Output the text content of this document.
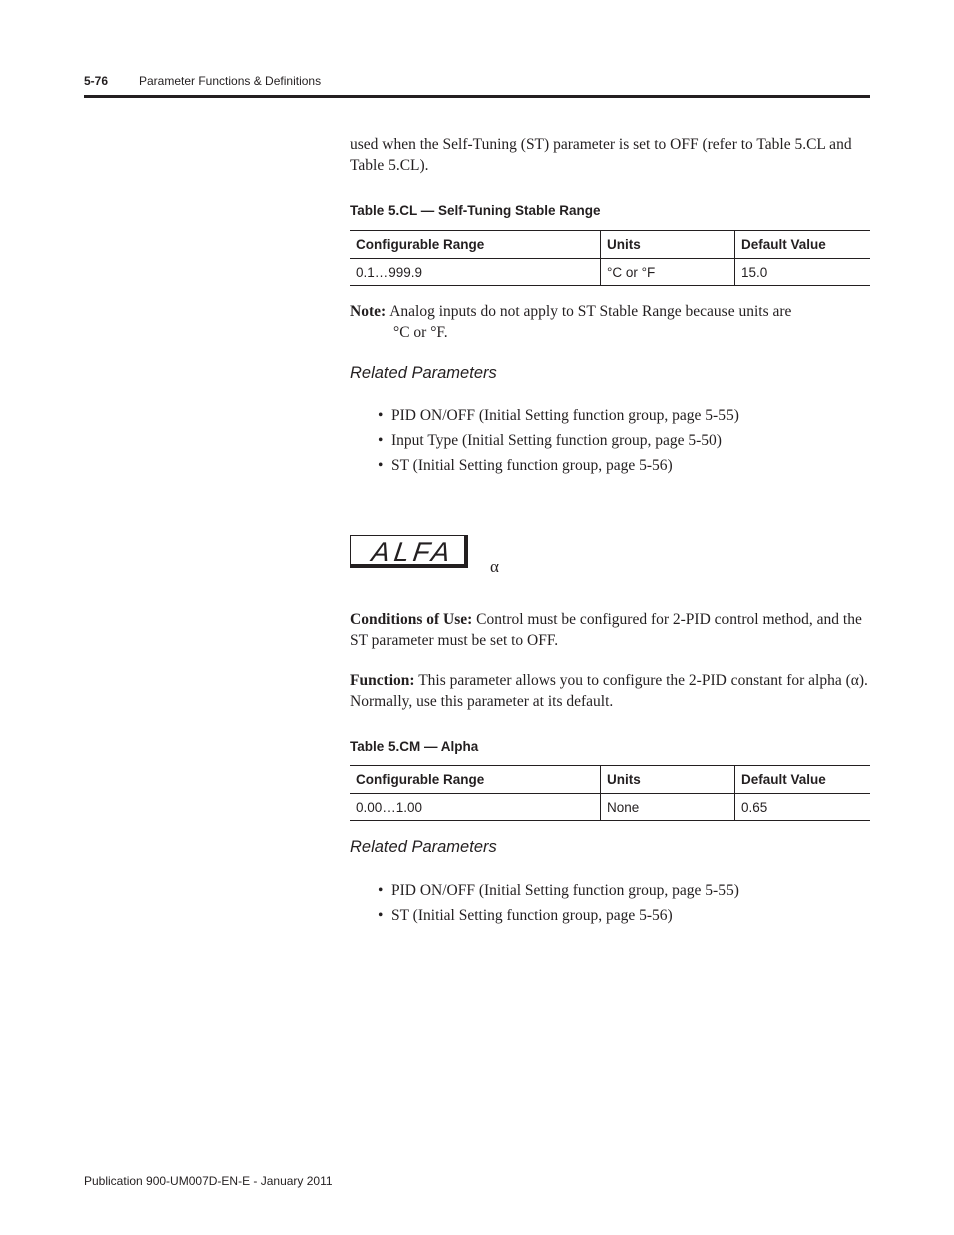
5-76	Parameter Functions & Definitions
used when the Self-Tuning (ST) parameter is set to OFF (refer to Table 5.CL and Table 5.CL).
Table 5.CL — Self-Tuning Stable Range
Configurable Range	Units	Default Value
0.1…999.9	°C or °F	15.0
Note: Analog inputs do not apply to ST Stable Range because units are
°C or °F.
Related Parameters
• PID ON/OFF (Initial Setting function group, page 5-55)
• Input Type (Initial Setting function group, page 5-50)
• ST (Initial Setting function group, page 5-56)
ALFA α
Conditions of Use: Control must be configured for 2-PID control method, and the ST parameter must be set to OFF.
Function: This parameter allows you to configure the 2-PID constant for alpha (α). Normally, use this parameter at its default.
Table 5.CM — Alpha
Configurable Range	Units	Default Value
0.00…1.00	None	0.65
Related Parameters
• PID ON/OFF (Initial Setting function group, page 5-55)
• ST (Initial Setting function group, page 5-56)
Publication 900-UM007D-EN-E - January 2011
